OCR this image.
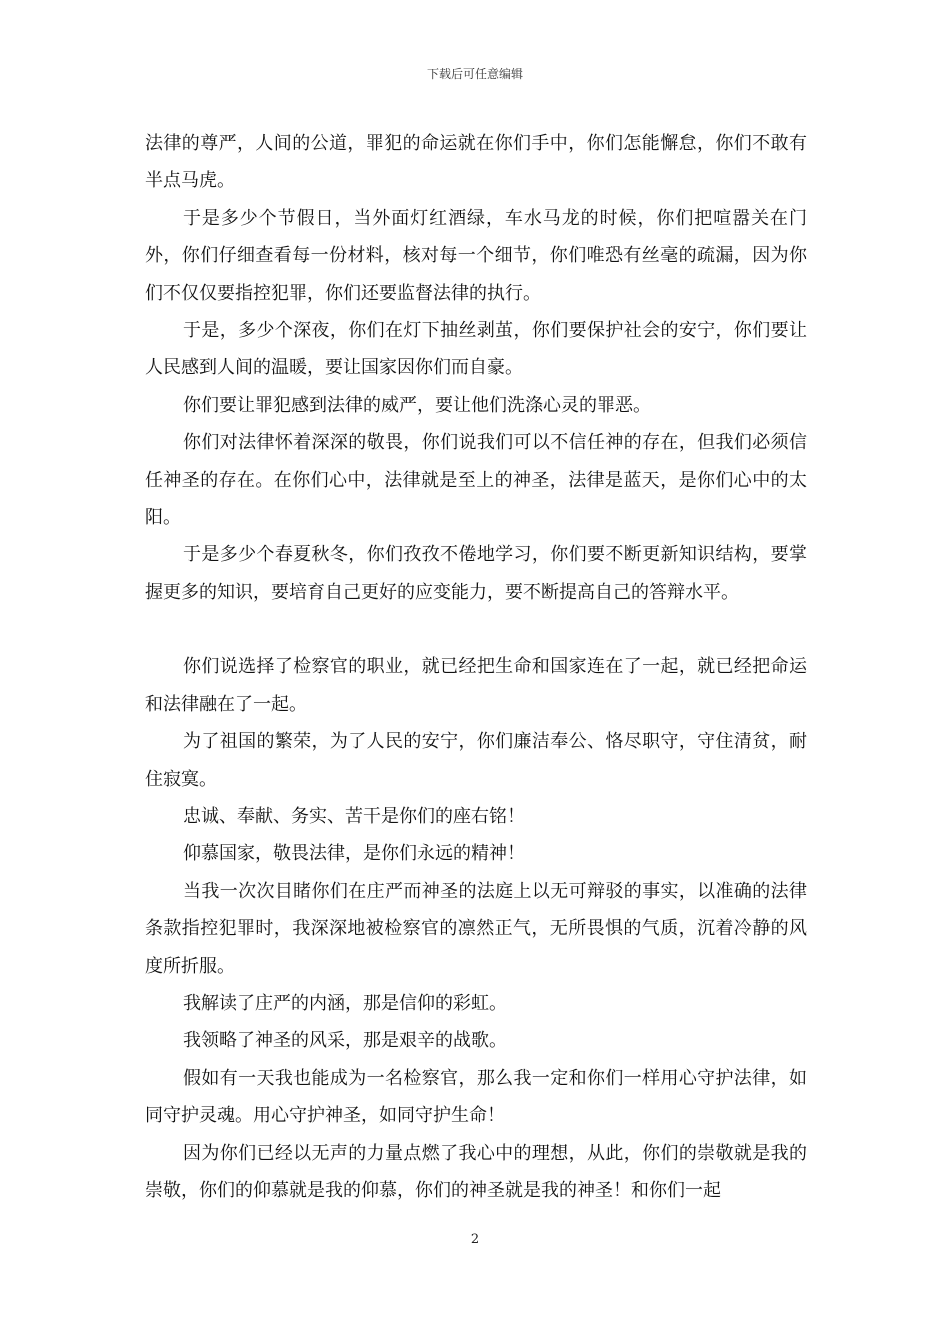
下载后可任意编辑

法律的尊严，人间的公道，罪犯的命运就在你们手中，你们怎能懈怠，你们不敢有半点马虎。

于是多少个节假日，当外面灯红酒绿，车水马龙的时候，你们把喧嚣关在门外，你们仔细查看每一份材料，核对每一个细节，你们唯恐有丝毫的疏漏，因为你们不仅仅要指控犯罪，你们还要监督法律的执行。

于是，多少个深夜，你们在灯下抽丝剥茧，你们要保护社会的安宁，你们要让人民感到人间的温暖，要让国家因你们而自豪。

你们要让罪犯感到法律的威严，要让他们洗涤心灵的罪恶。

你们对法律怀着深深的敬畏，你们说我们可以不信任神的存在，但我们必须信任神圣的存在。在你们心中，法律就是至上的神圣，法律是蓝天，是你们心中的太阳。

于是多少个春夏秋冬，你们孜孜不倦地学习，你们要不断更新知识结构，要掌握更多的知识，要培育自己更好的应变能力，要不断提高自己的答辩水平。

你们说选择了检察官的职业，就已经把生命和国家连在了一起，就已经把命运和法律融在了一起。

为了祖国的繁荣，为了人民的安宁，你们廉洁奉公、恪尽职守，守住清贫，耐住寂寞。

忠诚、奉献、务实、苦干是你们的座右铭！

仰慕国家，敬畏法律，是你们永远的精神！

当我一次次目睹你们在庄严而神圣的法庭上以无可辩驳的事实，以准确的法律条款指控犯罪时，我深深地被检察官的凛然正气，无所畏惧的气质，沉着冷静的风度所折服。

我解读了庄严的内涵，那是信仰的彩虹。

我领略了神圣的风采，那是艰辛的战歌。

假如有一天我也能成为一名检察官，那么我一定和你们一样用心守护法律，如同守护灵魂。用心守护神圣，如同守护生命！

因为你们已经以无声的力量点燃了我心中的理想，从此，你们的崇敬就是我的崇敬，你们的仰慕就是我的仰慕，你们的神圣就是我的神圣！和你们一起

2
